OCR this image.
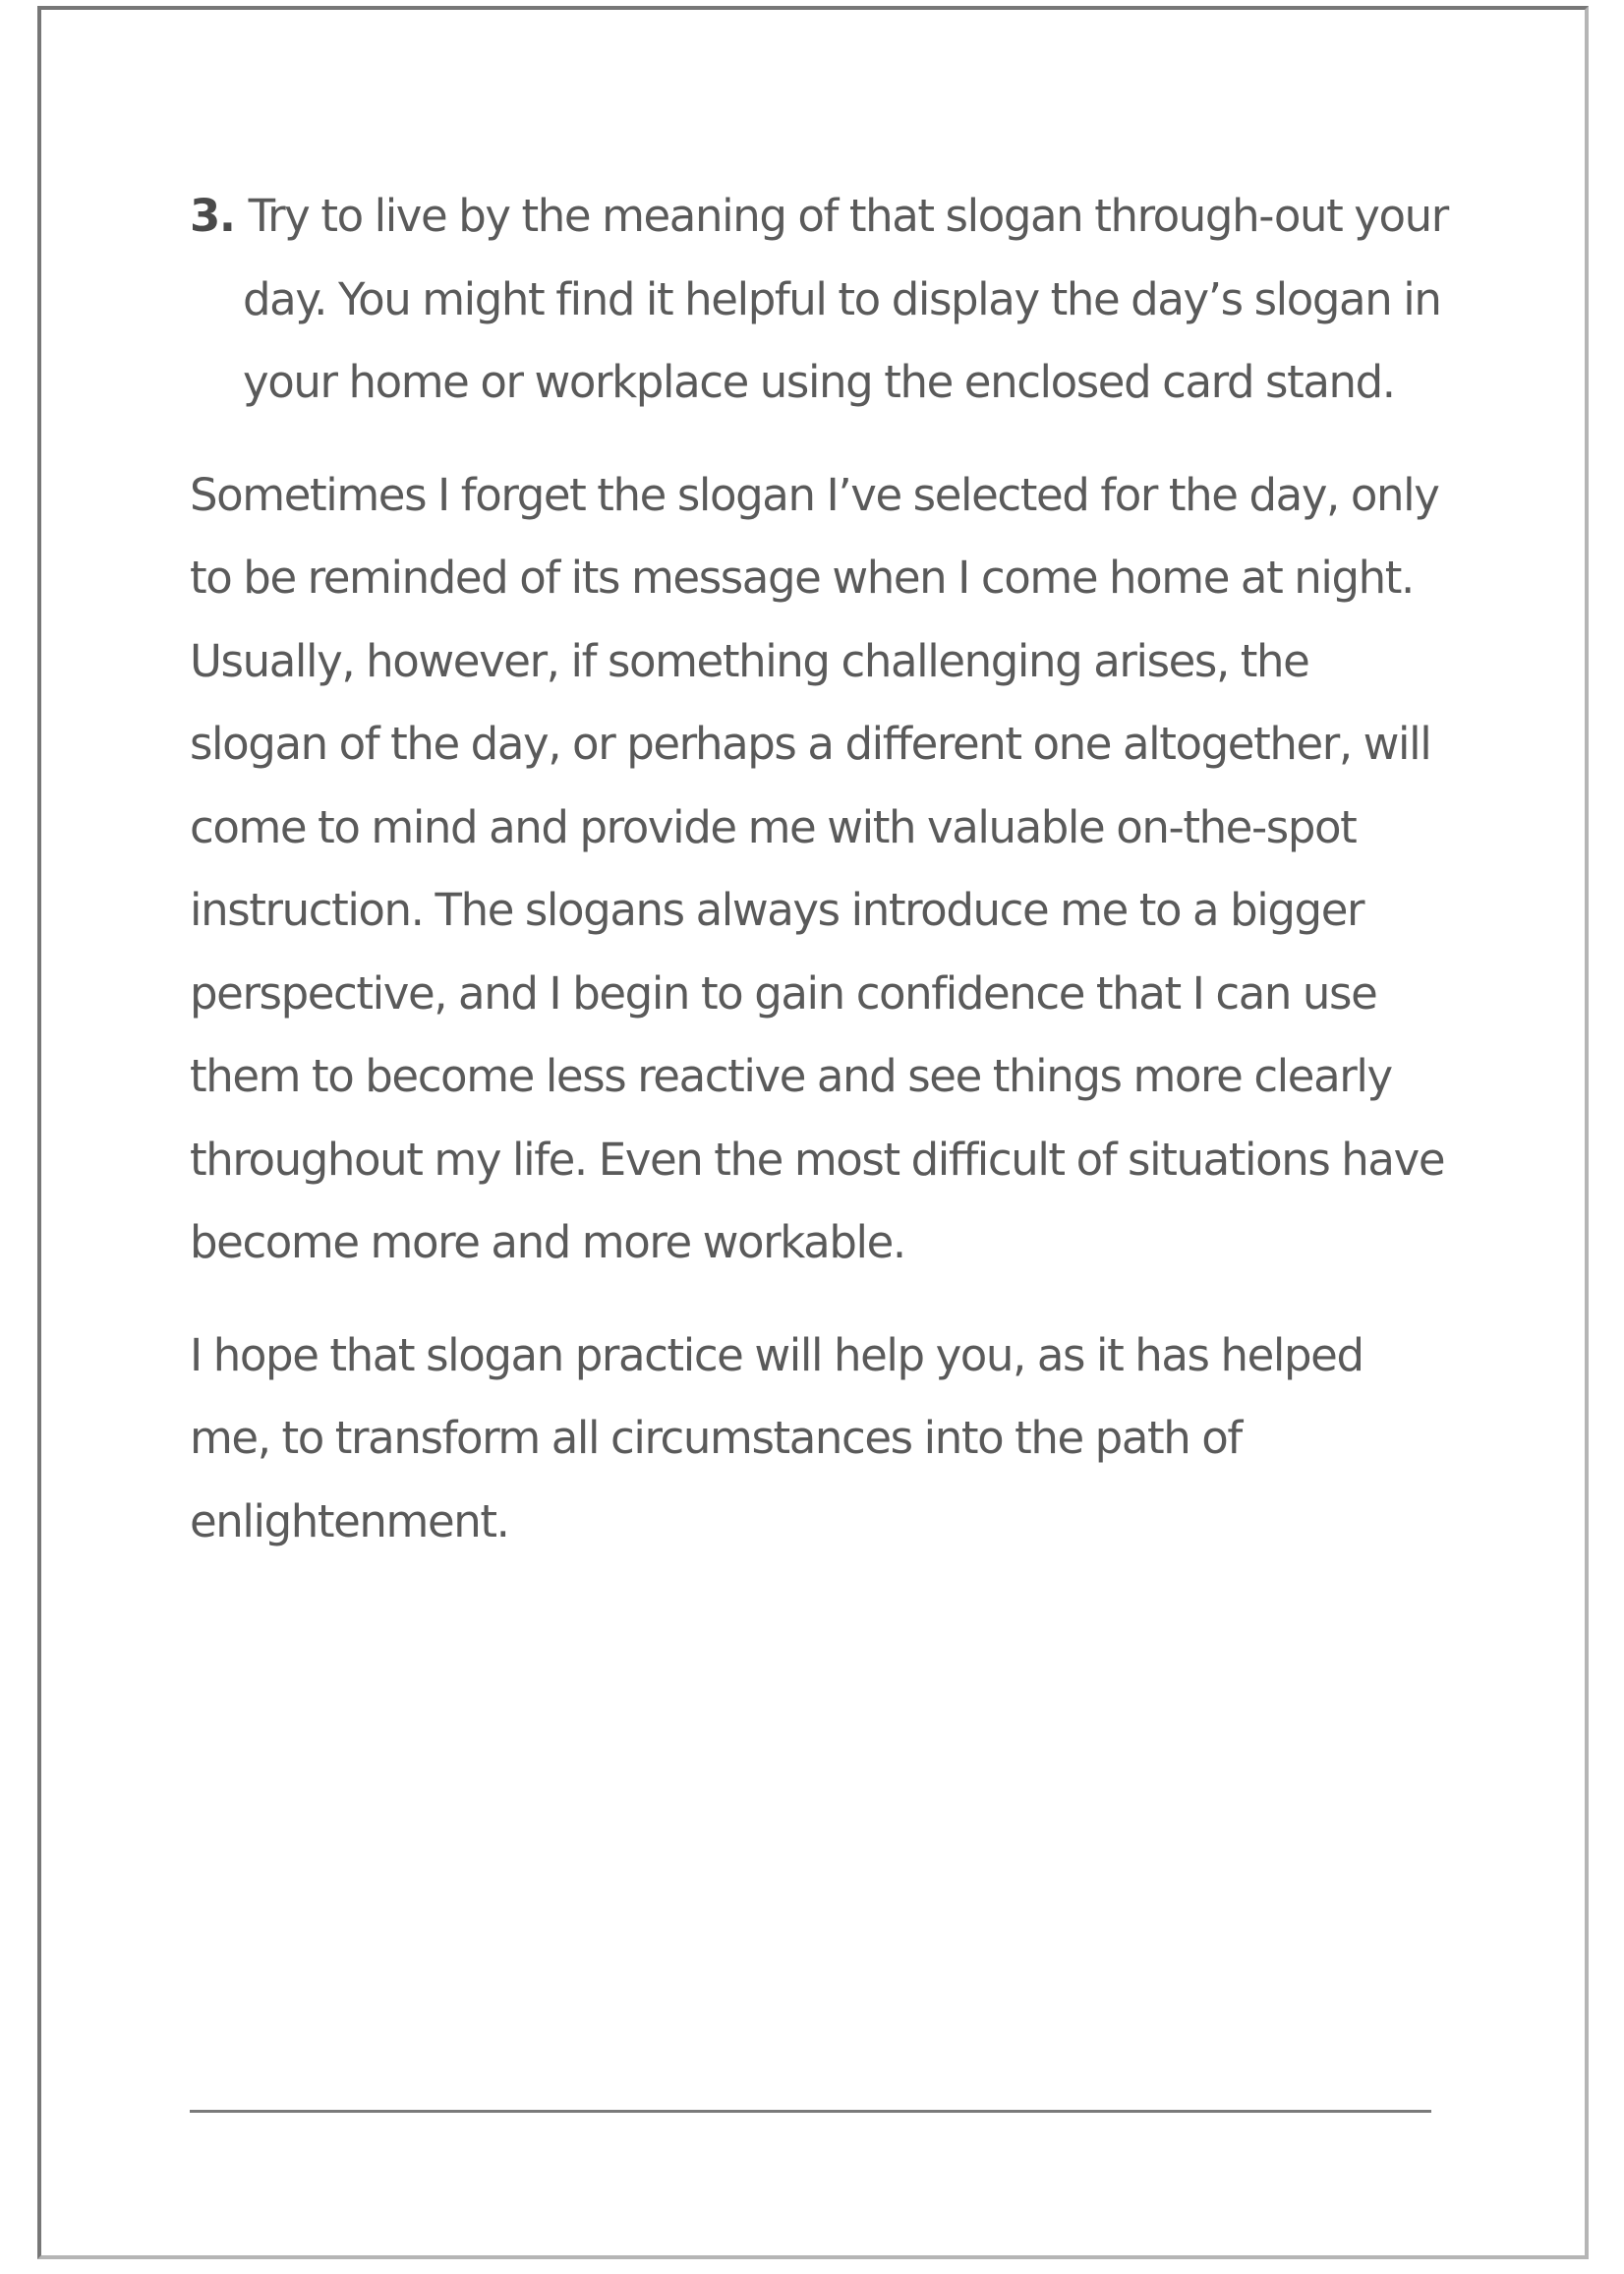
3. Try to live by the meaning of that slogan through-out your day. You might find it helpful to display the day’s slogan in your home or workplace using the enclosed card stand.

Sometimes I forget the slogan I’ve selected for the day, only to be reminded of its message when I come home at night. Usually, however, if something challenging arises, the slogan of the day, or perhaps a different one altogether, will come to mind and provide me with valuable on-the-spot instruction. The slogans always introduce me to a bigger perspective, and I begin to gain confidence that I can use them to become less reactive and see things more clearly throughout my life. Even the most difficult of situations have become more and more workable.

I hope that slogan practice will help you, as it has helped me, to transform all circumstances into the path of enlightenment.
